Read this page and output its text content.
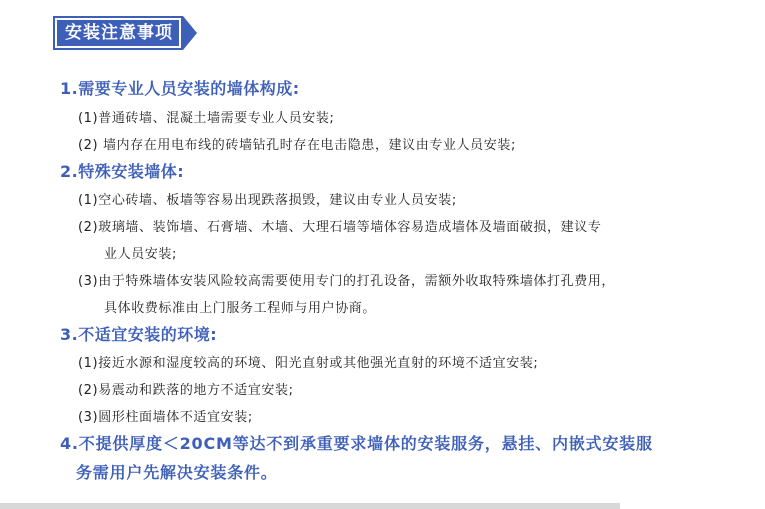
安装注意事项
1.需要专业人员安装的墙体构成:
(1)普通砖墙、混凝土墙需要专业人员安装;
(2) 墙内存在用电布线的砖墙钻孔时存在电击隐患，建议由专业人员安装;
2.特殊安装墙体:
(1)空心砖墙、板墙等容易出现跌落损毁，建议由专业人员安装;
(2)玻璃墙、装饰墙、石膏墙、木墙、大理石墙等墙体容易造成墙体及墙面破损，建议专
业人员安装;
(3)由于特殊墙体安装风险较高需要使用专门的打孔设备，需额外收取特殊墙体打孔费用，
具体收费标准由上门服务工程师与用户协商。
3.不适宜安装的环境:
(1)接近水源和湿度较高的环境、阳光直射或其他强光直射的环境不适宜安装;
(2)易震动和跌落的地方不适宜安装;
(3)圆形柱面墙体不适宜安装;
4.不提供厚度＜20CM等达不到承重要求墙体的安装服务，悬挂、内嵌式安装服
务需用户先解决安装条件。
